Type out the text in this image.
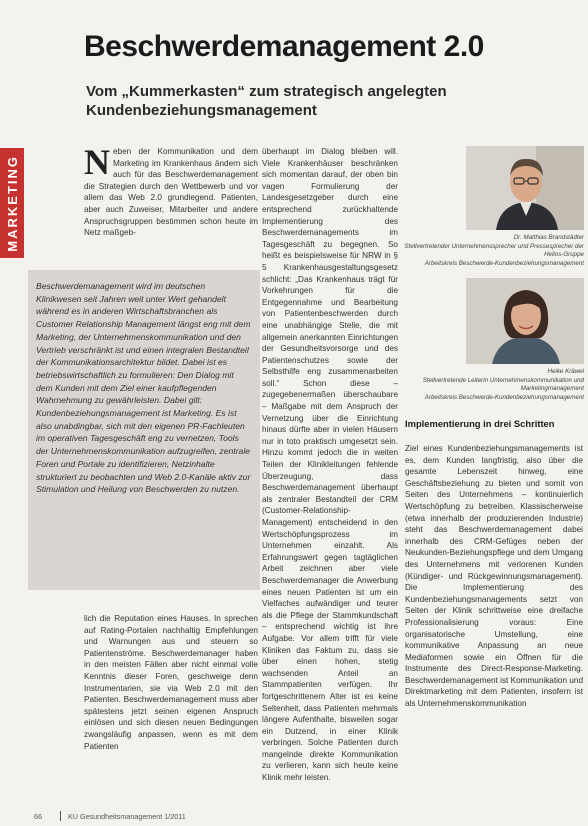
MARKETING
Beschwerdemanagement 2.0
Vom „Kummerkasten“ zum strategisch angelegten Kundenbeziehungsmanagement

Neben der Kommunikation und dem Marketing im Krankenhaus ändern sich auch für das Beschwerdemanagement die Strategien durch den Wettbewerb und vor allem das Web 2.0 grundlegend. Patienten, aber auch Zuweiser, Mitarbeiter und andere Anspruchsgruppen bestimmen schon heute im Netz maßgeb-

Beschwerdemanagement wird im deutschen Klinikwesen seit Jahren weit unter Wert gehandelt während es in anderen Wirtschaftsbranchen als Customer Relationship Management längst eng mit dem Marketing, der Unternehmenskommunikation und den Vertrieb verschränkt ist und einen integralen Bestandteil der Kommunikationsarchitektur bildet. Dabei ist es betriebswirtschaftlich zu formulieren: Den Dialog mit dem Kunden mit dem Ziel einer kaufpflegenden Wahrnehmung zu gewährleisten. Dabei gilt: Kundenbeziehungsmanagement ist Marketing. Es ist also unabdingbar, sich mit den eigenen PR-Fachleuten im operativen Tagesgeschäft eng zu vernetzen, Tools der Unternehmenskommunikation aufzugreifen, zentrale Foren und Portale zu identifizieren, Netzinhalte strukturiert zu beobachten und Web 2.0-Kanäle aktiv zur Stimulation und Heilung von Beschwerden zu nutzen.

lich die Reputation eines Hauses. In sprechen auf Rating-Portalen nachhaltig Empfehlungen und Warnungen aus und steuern so Patientenströme. Beschwerdemanager haben in den meisten Fällen aber nicht einmal volle Kenntnis dieser Foren, geschweige denn Instrumentarien, sie via Web 2.0 mit den Patienten. Beschwerdemanagement muss aber spätestens jetzt seinen eigenen Anspruch einlösen und sich diesen neuen Bedingungen zwangsläufig anpassen, wenn es mit dem Patienten

überhaupt im Dialog bleiben will. Viele Krankenhäuser beschränken sich momentan darauf, der oben bin vagen Formulierung der Landesgesetzgeber durch eine entsprechend zurückhaltende Implementierung des Beschwerdemanagements im Tagesgeschäft zu begegnen. So heißt es beispielsweise für NRW in § 5 Krankenhausgestaltungsgesetz schlicht: „Das Krankenhaus trägt für Vorkehrungen für die Entgegennahme und Bearbeitung von Patientenbeschwerden durch eine unabhängige Stelle, die mit allgemein anerkannten Einrichtungen der Gesundheitsvorsorge und des Patientenschutzes sowie der Selbsthilfe eng zusammenarbeiten soll.“ Schon diese – zugegebenermaßen überschaubare – Maßgabe mit dem Anspruch der Vernetzung über die Einrichtung hinaus dürfte aber in vielen Häusern nur in toto praktisch umgesetzt sein. Hinzu kommt jedoch die in weiten Teilen der Klinikleitungen fehlende Überzeugung, dass Beschwerdemanagement überhaupt als zentraler Bestandteil der CRM (Customer-Relationship-Management) entscheidend in den Wertschöpfungsprozess im Unternehmen einzahlt. Als Erfahrungswert gegen tagtäglichen Arbeit zeichnen aber viele Beschwerdemanager die Anwerbung eines neuen Patienten ist um ein Vielfaches aufwändiger und teurer als die Pflege der Stammkundschaft – entsprechend wichtig ist ihre Aufgabe. Vor allem trifft für viele Kliniken das Faktum zu, dass sie über einen hohen, stetig wachsenden Anteil an Stammpatienten verfügen. Ihr fortgeschrittenem Alter ist es keine Seltenheit, dass Patienten mehrmals längere Aufenthalte, bisweilen sogar ein Dutzend, in einer Klinik verbringen. Solche Patienten durch mangelnde direkte Kommunikation zu verlieren, kann sich heute keine Klinik mehr leisten.

Dr. Matthias Brandstädter
Stellvertretender Unternehmenssprecher und Pressesprecher der Helios-Gruppe
Arbeitskreis Beschwerde-Kundenbeziehungsmanagement
Heike Kräwel
Stellvertretende Leiterin Unternehmenskommunikation und Marketingmanagement
Arbeitskreis Beschwerde-Kundenbeziehungsmanagement
Implementierung in drei Schritten

Ziel eines Kundenbeziehungsmanagements ist es, dem Kunden langfristig, also über die gesamte Lebenszeit hinweg, eine Geschäftsbeziehung zu bieten und somit von Seiten des Unternehmens – kontinuierlich Wertschöpfung zu betreiben. Klassischerweise (etwa innerhalb der produzierenden Industrie) steht das Beschwerdemanagement dabei innerhalb des CRM-Gefüges neben der Neukunden-Beziehungspflege und dem Umgang des Unternehmens mit verlorenen Kunden (Kündiger- und Rückgewinnungsmanagement). Die Implementierung des Kundenbeziehungsmanagements setzt von Seiten der Klinik schrittweise eine dreifache Professionalisierung voraus: Eine organisatorische Umstellung, eine kommunikative Anpassung an neue Mediaformen sowie ein Öffnen für die Instrumente des Direct-Response-Marketing. Beschwerdemanagement ist Kommunikation und Direktmarketing mit dem Patienten, insofern ist als Unternehmenskommunikation

66	KU Gesundheitsmanagement 1/2011
